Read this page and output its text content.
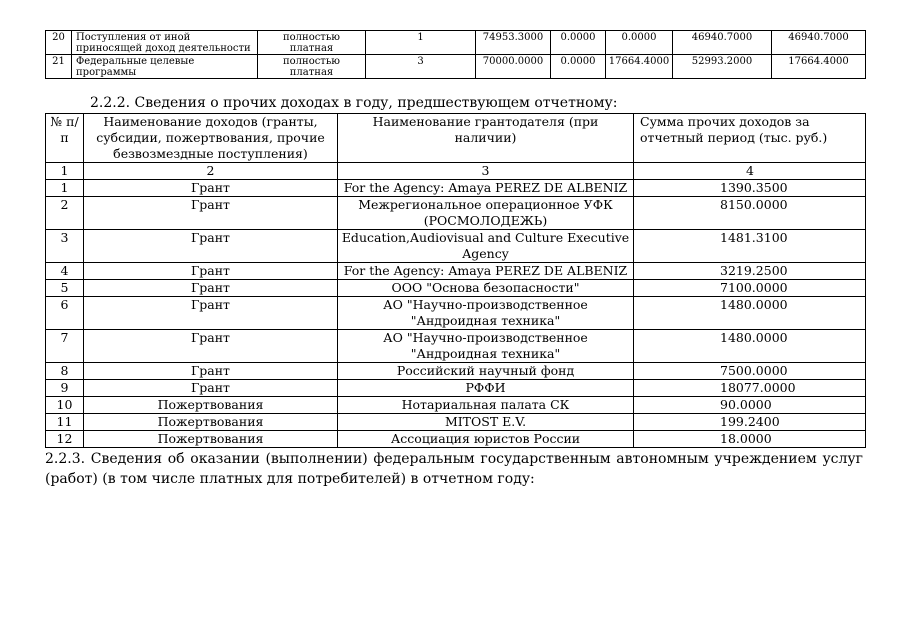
20	Поступления от иной приносящей доход деятельности	полностью платная	1	74953.3000	0.0000	0.0000	46940.7000	46940.7000
21	Федеральные целевые программы	полностью платная	3	70000.0000	0.0000	17664.4000	52993.2000	17664.4000
2.2.2. Сведения о прочих доходах в году, предшествующем отчетному:
№ п/п	Наименование доходов (гранты, субсидии, пожертвования, прочие безвозмездные поступления)	Наименование грантодателя (при наличии)	Сумма прочих доходов за отчетный период (тыс. руб.)
1	2	3	4
1	Грант	For the Agency: Amaya PEREZ DE ALBENIZ	1390.3500

2	Грант	Межрегиональное операционное УФК (РОСМОЛОДЕЖЬ)	8150.0000

3	Грант	Education,Audiovisual and Culture Executive Agency	1481.3100

4	Грант	For the Agency: Amaya PEREZ DE ALBENIZ	3219.2500

5	Грант	ООО "Основа безопасности"	7100.0000

6	Грант	АО "Научно-производственное "Андроидная техника"	1480.0000

7	Грант	АО "Научно-производственное "Андроидная техника"	1480.0000

8	Грант	Российский научный фонд	7500.0000

9	Грант	РФФИ	18077.0000

10	Пожертвования	Нотариальная палата СК	90.0000

11	Пожертвования	MITOST E.V.	199.2400

12	Пожертвования	Ассоциация юристов России	18.0000
2.2.3. Сведения об оказании (выполнении) федеральным государственным автономным учреждением услуг (работ) (в том числе платных для потребителей) в отчетном году:
